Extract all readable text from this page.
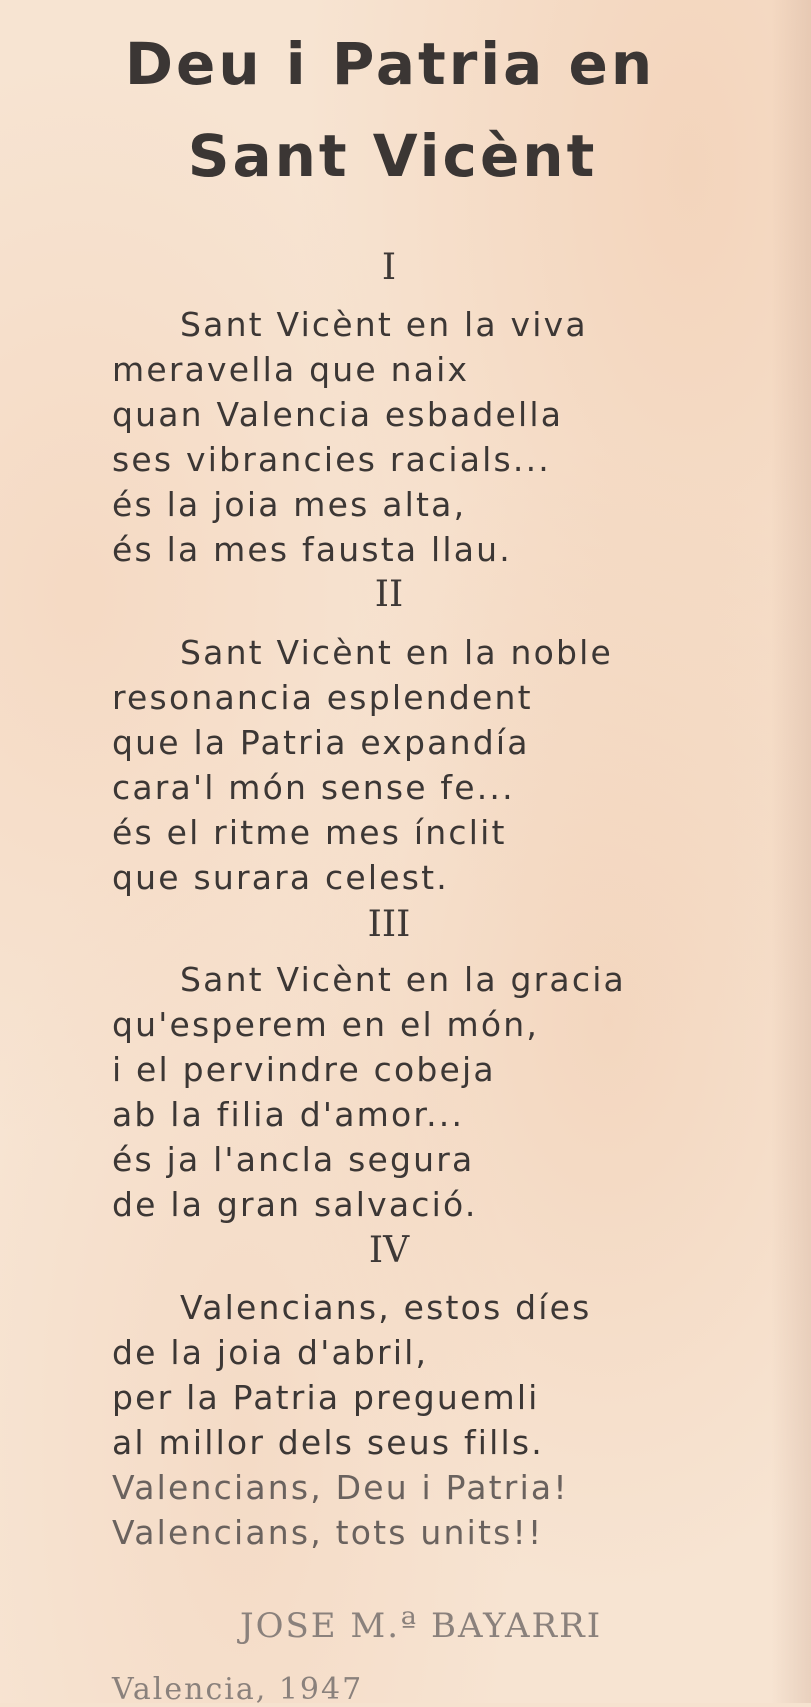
Deu i Patria en
Sant Vicènt
I
Sant Vicènt en la viva
meravella que naix
quan Valencia esbadella
ses vibrancies racials...
és la joia mes alta,
és la mes fausta llau.
II
Sant Vicènt en la noble
resonancia esplendent
que la Patria expandía
cara'l món sense fe...
és el ritme mes ínclit
que surara celest.
III
Sant Vicènt en la gracia
qu'esperem en el món,
i el pervindre cobeja
ab la filia d'amor...
és ja l'ancla segura
de la gran salvació.
IV
Valencians, estos díes
de la joia d'abril,
per la Patria preguemli
al millor dels seus fills.
Valencians, Deu i Patria!
Valencians, tots units!!
JOSE M.ª BAYARRI
Valencia, 1947
